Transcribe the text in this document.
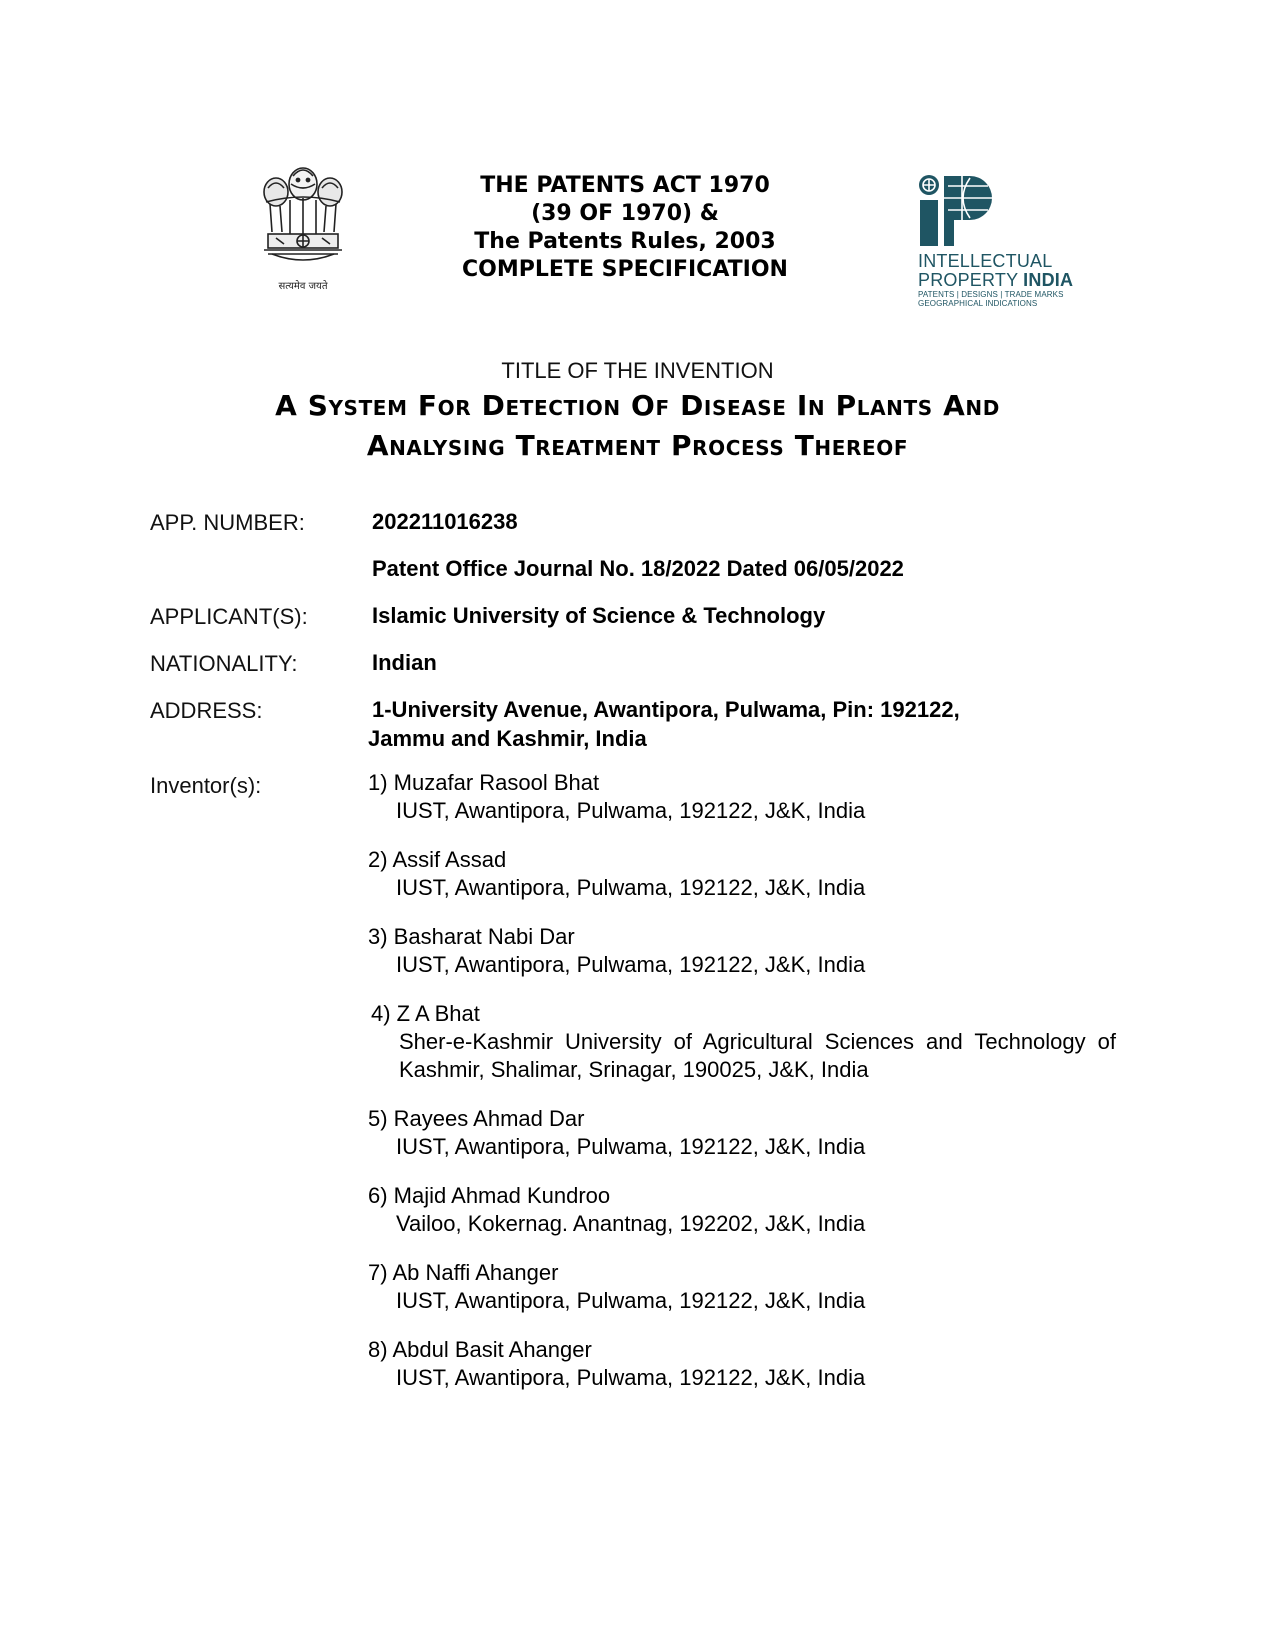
सत्यमेव जयते
THE PATENTS ACT 1970
(39 OF 1970) &
The Patents Rules, 2003
COMPLETE SPECIFICATION	INTELLECTUAL
PROPERTY INDIA
PATENTS | DESIGNS | TRADE MARKS
GEOGRAPHICAL INDICATIONS
TITLE OF THE INVENTION
A System For Detection Of Disease In Plants And
Analysing Treatment Process Thereof
APP. NUMBER:	202211016238
Patent Office Journal No. 18/2022 Dated 06/05/2022
APPLICANT(S):	Islamic University of Science & Technology
NATIONALITY:	Indian
ADDRESS:	1-University Avenue, Awantipora, Pulwama, Pin: 192122,
Jammu and Kashmir, India
Inventor(s):	1) Muzafar Rasool Bhat
IUST, Awantipora, Pulwama, 192122, J&K, India
2) Assif Assad
IUST, Awantipora, Pulwama, 192122, J&K, India
3) Basharat Nabi Dar
IUST, Awantipora, Pulwama, 192122, J&K, India
4) Z A Bhat
Sher-e-Kashmir University of Agricultural Sciences and Technology of Kashmir, Shalimar, Srinagar, 190025, J&K, India
5) Rayees Ahmad Dar
IUST, Awantipora, Pulwama, 192122, J&K, India
6) Majid Ahmad Kundroo
Vailoo, Kokernag. Anantnag, 192202, J&K, India
7) Ab Naffi Ahanger
IUST, Awantipora, Pulwama, 192122, J&K, India
8) Abdul Basit Ahanger
IUST, Awantipora, Pulwama, 192122, J&K, India
